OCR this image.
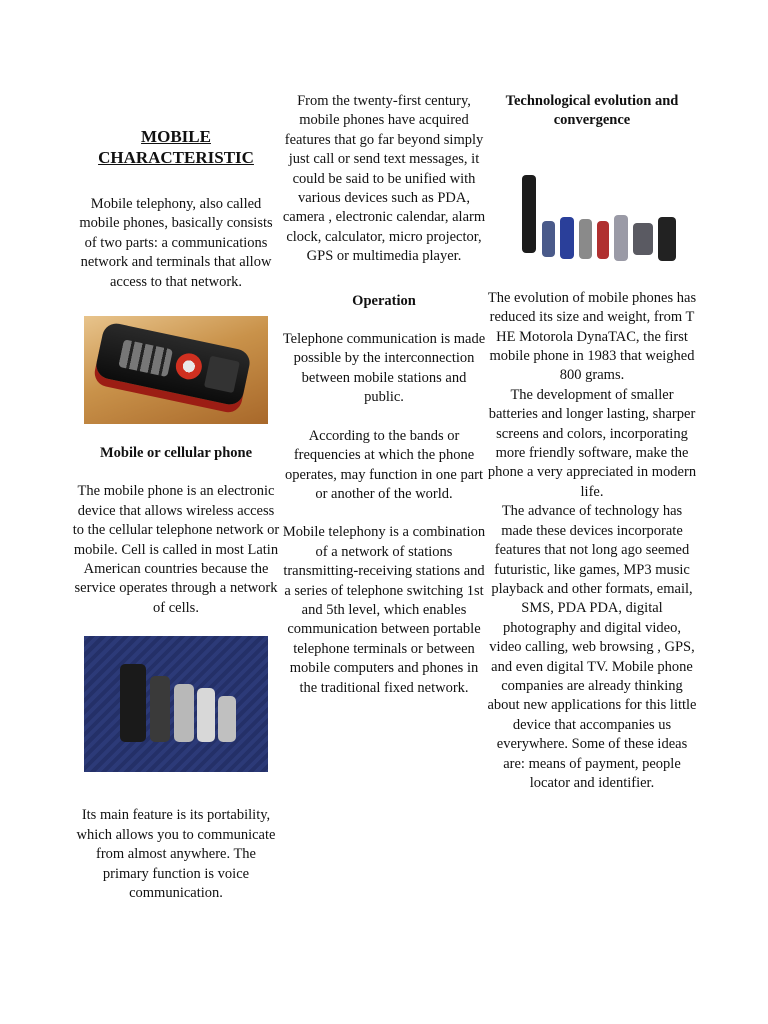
MOBILE CHARACTERISTIC

Mobile telephony, also called mobile phones, basically consists of two parts: a communications network and terminals that allow access to that network.

Mobile or cellular phone

The mobile phone is an electronic device that allows wireless access to the cellular telephone network or mobile. Cell is called in most Latin American countries because the service operates through a network of cells.

Its main feature is its portability, which allows you to communicate from almost anywhere. The primary function is voice communication.

From the twenty-first century, mobile phones have acquired features that go far beyond simply just call or send text messages, it could be said to be unified with various devices such as PDA, camera , electronic calendar, alarm clock, calculator, micro projector, GPS or multimedia player.

Operation

Telephone communication is made possible by the interconnection between mobile stations and public.

According to the bands or frequencies at which the phone operates, may function in one part or another of the world.

Mobile telephony is a combination of a network of stations transmitting-receiving stations and a series of telephone switching 1st and 5th level, which enables communication between portable telephone terminals or between mobile computers and phones in the traditional fixed network.

Technological evolution and convergence

The evolution of mobile phones has reduced its size and weight, from T HE Motorola DynaTAC, the first mobile phone in 1983 that weighed 800 grams.

The development of smaller batteries and longer lasting, sharper screens and colors, incorporating more friendly software, make the phone a very appreciated in modern life.

The advance of technology has made these devices incorporate features that not long ago seemed futuristic, like games, MP3 music playback and other formats, email, SMS, PDA PDA, digital photography and digital video, video calling, web browsing , GPS, and even digital TV. Mobile phone companies are already thinking about new applications for this little device that accompanies us everywhere. Some of these ideas are: means of payment, people locator and identifier.
